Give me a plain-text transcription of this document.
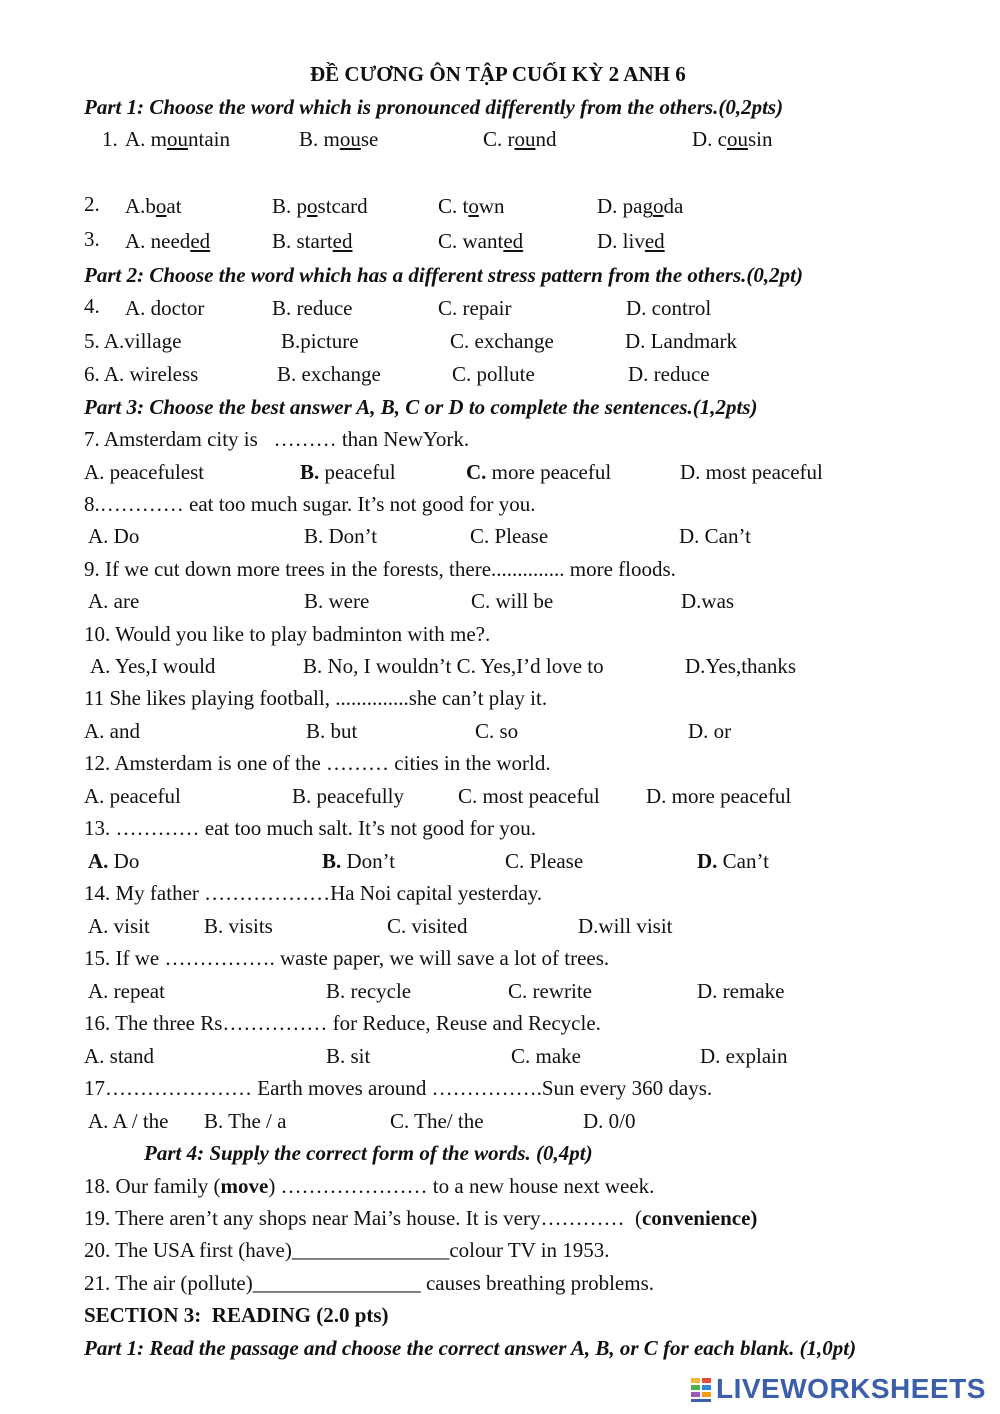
ĐỀ CƯƠNG ÔN TẬP CUỐI KỲ 2 ANH 6
Part 1: Choose the word which is pronounced differently from the others.(0,2pts)
1. A. mountain	B. mouse	C. round	D. cousin
2. A.boat	B. postcard	C. town	D. pagoda
3. A. needed	B. started	C. wanted	D. lived
Part 2: Choose the word which has a different stress pattern from the others.(0,2pt)
4. A. doctor	B. reduce	C. repair	D. control
5. A.village	B.picture	C. exchange	D. Landmark
6. A. wireless	B. exchange	C. pollute	D. reduce
Part 3: Choose the best answer A, B, C or D to complete the sentences.(1,2pts)
7. Amsterdam city is   ……… than NewYork.
A. peacefulest	B. peaceful	C. more peaceful	D. most peaceful
8.………… eat too much sugar. It’s not good for you.
A. Do	B. Don’t	C. Please	D. Can’t
9. If we cut down more trees in the forests, there.............. more floods.
A. are	B. were	C. will be	D.was
10. Would you like to play badminton with me?.
A. Yes,I would	B. No, I wouldn’t C. Yes,I’d love to	D.Yes,thanks
11 She likes playing football, ..............she can’t play it.
A. and	B. but	C. so	D. or
12. Amsterdam is one of the ……… cities in the world.
A. peaceful	B. peacefully	C. most peaceful D. more peaceful
13. ………… eat too much salt. It’s not good for you.
A. Do	B. Don’t	C. Please	D. Can’t
14. My father ………………Ha Noi capital yesterday.
A. visit	B. visits	C. visited	D.will visit
15. If we ……………. waste paper, we will save a lot of trees.
A. repeat	B. recycle	C. rewrite	D. remake
16. The three Rs…………… for Reduce, Reuse and Recycle.
A. stand	B. sit	C. make	D. explain
17………………… Earth moves around …………….Sun every 360 days.
A. A / the B. The / a	C. The/ the	D. 0/0
Part 4: Supply the correct form of the words. (0,4pt)
18. Our family (move) ………………… to a new house next week.
19. There aren’t any shops near Mai’s house. It is very…………  (convenience)
20. The USA first (have)_______________colour TV in 1953.
21. The air (pollute)________________ causes breathing problems.
SECTION 3:  READING (2.0 pts)
Part 1: Read the passage and choose the correct answer A, B, or C for each blank. (1,0pt)
LIVEWORKSHEETS
